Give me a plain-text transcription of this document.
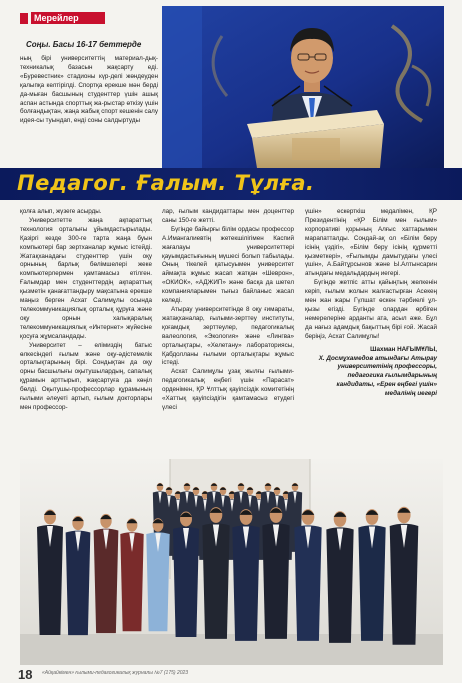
Мерейлер
Соңы. Басы 16-17 беттерде
ның бірі университеттің материал-дық-техникалық базасын жақсарту еді. «Буревестник» стадионы күр-делі жөндеуден қалыпқа келтірілді. Спортқа ерекше мән берді да-мыған басшының студенттер үшін ашық аспан астында спорттық жа-рыстар өткізу үшін болғандықтан, жаңа жабық спорт кешенін салу идея-сы туындап, енді соны салдыртуды
Педагог. Ғалым. Тұлға.

қолға алып, жүзеге асырды.

Университетте жаңа ақпараттық технология орталығы ұйымдастырылады. Қазіргі кезде 300-ге тарта жаңа буын компьютері бар зертханалар жұмыс істейді. Жатақханадағы студенттер үшін оқу орнының барлық бөлімшелері жеке компьютерлермен қамтамасыз етілген. Ғалымдар мен студенттердің ақпараттық қызметін қанағаттандыру мақсатына ерекше маңыз берген Асхат Салимұлы осында телекоммуникациялық орталық құруға және оқу орнын халықаралық телекоммуникациялық «Интернет» жүйесіне қосуға жұмсаландады.

Университет – елімиздің батыс өлкесіндегі ғылым және оқу-әдістемелік орталықтарының бірі. Сондықтан да оқу орны басшылығы оқытушылардың, сапалық құрамын арттырып, жақсартуға да көңіл бөлді. Оқытушы-профессорлар құрамының ғылыми әлеуеті артып, ғылым докторлары мен профессор-

лар, ғылым кандидаттары мен доценттер саны 150-ге жетті.

Бүгінде байырғы білім ордасы профессор А.Имангалиевтің жетекшілігімен Каспий жағалауы университеттері қауымдастығының мүшесі болып табылады. Оның тікелей қатысуымен университет аймақта жұмыс жасап жатқан «Шеврон», «ОКИОК», «АДЖИП» және басқа да шетел компанияларымен тығыз байланыс жасап келеді.

Атырау университетінде 8 оқу ғимараты, жатақханалар, ғылыми-зерттеу институты, қоғамдық зерттеулер, педагогикалық валеология, «Экология» және «Лингва» орталықтары, «Хелетану» лабораториясы, Қабдолланы ғылыми орталықтары жұмыс істеді.

Асхат Салимұлы ұзақ жылғы ғылыми-педагогикалық еңбегі үшін «Парасат» орденімен, ҚР Ұлттық қауіпсіздік комитетінің «Хаттық қауіпсіздігін қамтамасыз етудегі үлесі

үшін» ескерткіш медалімен, ҚР Президентінің «ҚР Білім мен ғылым» корпоративі қорының Алғыс хаттарымен марапатталды. Сондай-ақ ол «Білім беру ісінің үздігі», «Білім беру ісінің құрметті қызметкері», «Ғылымды дамытудағы үлесі үшін», А.Байтұрсынов және Ы.Алтынсарин атындағы медальдардың иегері.

Бүгінде жетпіс атты қайыңтың желкенін керіп, ғылым жолын жалғастырған Асекең мен жан жары Гүлшат өскен тәрбиелі ұл-қызы егізді. Бүгінде олардан өрбіген немерелеріне арданты ата, асыл әже. Бұл да нағыз адамдық бақыттың бірі ғой. Жасай беріңіз, Асхат Салимұлы!

Шахман НАҒЫМҰЛЫ,
Х. Досмұхамедов атындағы Атырау
университетінің профессоры,
педагогика ғылымдарының
кандидаты, «Ерен еңбегі үшін»
медалінің иегері
18 «Айқайкімен» ғылыми-педагогикалық журналы №7 (175) 2023
